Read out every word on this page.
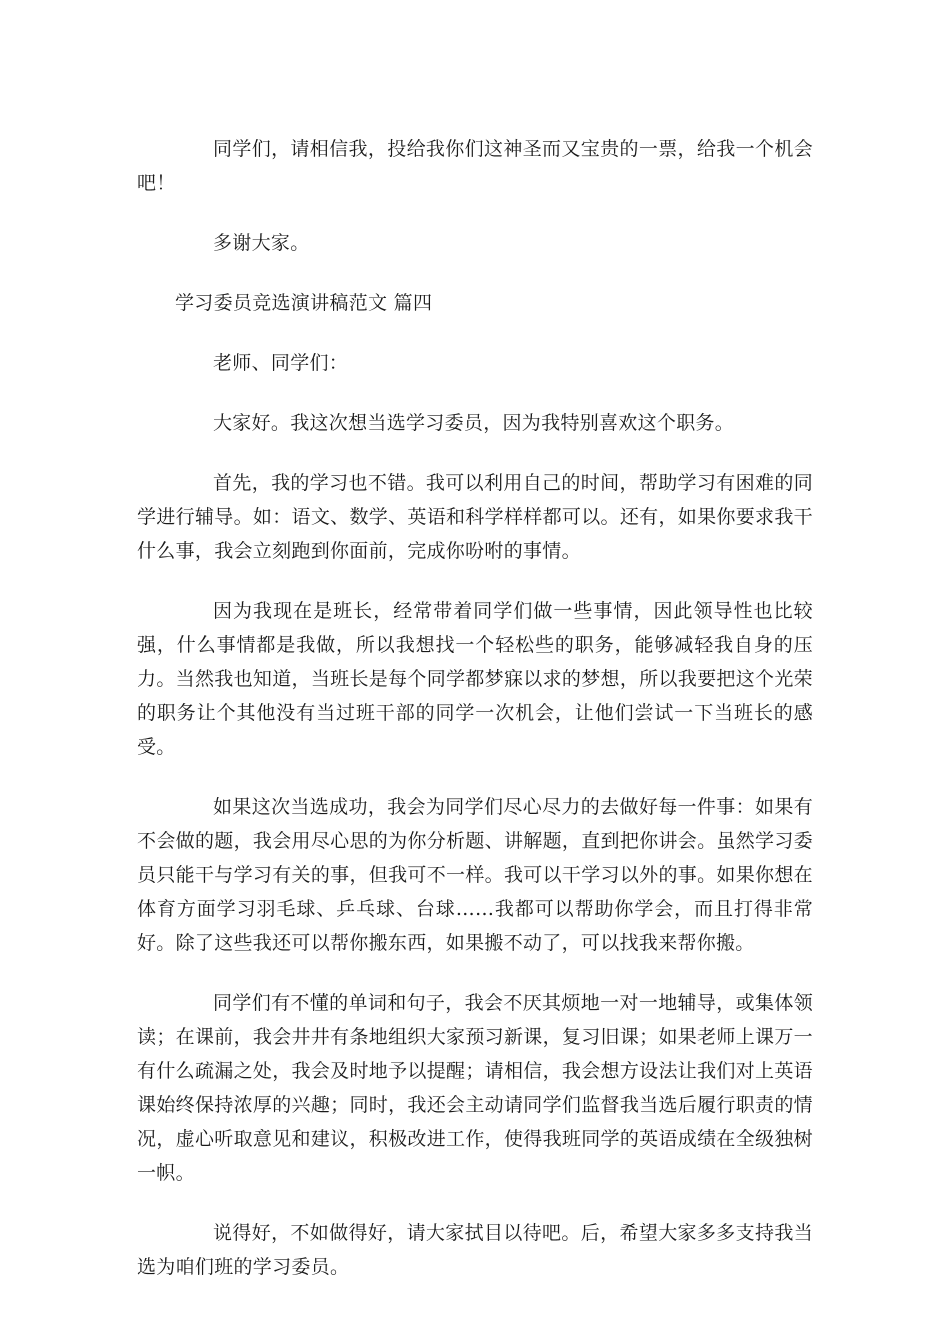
同学们，请相信我，投给我你们这神圣而又宝贵的一票，给我一个机会吧！

多谢大家。

学习委员竞选演讲稿范文 篇四

老师、同学们：

大家好。我这次想当选学习委员，因为我特别喜欢这个职务。

首先，我的学习也不错。我可以利用自己的时间，帮助学习有困难的同学进行辅导。如：语文、数学、英语和科学样样都可以。还有，如果你要求我干什么事，我会立刻跑到你面前，完成你吩咐的事情。

因为我现在是班长，经常带着同学们做一些事情，因此领导性也比较强，什么事情都是我做，所以我想找一个轻松些的职务，能够减轻我自身的压力。当然我也知道，当班长是每个同学都梦寐以求的梦想，所以我要把这个光荣的职务让个其他没有当过班干部的同学一次机会，让他们尝试一下当班长的感受。

如果这次当选成功，我会为同学们尽心尽力的去做好每一件事：如果有不会做的题，我会用尽心思的为你分析题、讲解题，直到把你讲会。虽然学习委员只能干与学习有关的事，但我可不一样。我可以干学习以外的事。如果你想在体育方面学习羽毛球、乒乓球、台球……我都可以帮助你学会，而且打得非常好。除了这些我还可以帮你搬东西，如果搬不动了，可以找我来帮你搬。

同学们有不懂的单词和句子，我会不厌其烦地一对一地辅导，或集体领读；在课前，我会井井有条地组织大家预习新课，复习旧课；如果老师上课万一有什么疏漏之处，我会及时地予以提醒；请相信，我会想方设法让我们对上英语课始终保持浓厚的兴趣；同时，我还会主动请同学们监督我当选后履行职责的情况，虚心听取意见和建议，积极改进工作，使得我班同学的英语成绩在全级独树一帜。

说得好，不如做得好，请大家拭目以待吧。后，希望大家多多支持我当选为咱们班的学习委员。
